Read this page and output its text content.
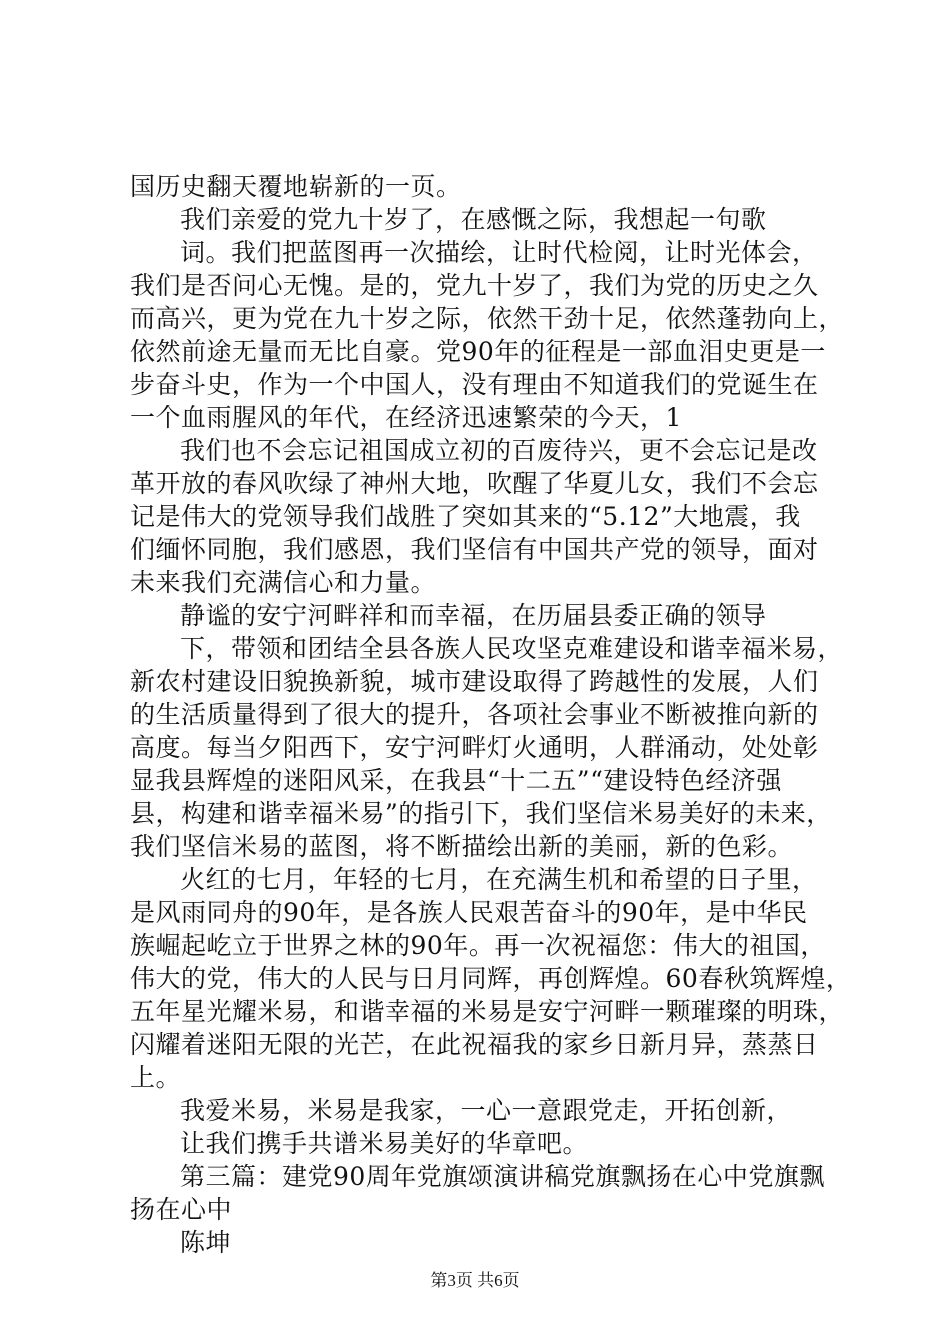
国历史翻天覆地崭新的一页。
我们亲爱的党九十岁了，在感慨之际，我想起一句歌
词。我们把蓝图再一次描绘，让时代检阅，让时光体会，
我们是否问心无愧。是的，党九十岁了，我们为党的历史之久
而高兴，更为党在九十岁之际，依然干劲十足，依然蓬勃向上，
依然前途无量而无比自豪。党90年的征程是一部血泪史更是一
步奋斗史，作为一个中国人，没有理由不知道我们的党诞生在
一个血雨腥风的年代，在经济迅速繁荣的今天，1
我们也不会忘记祖国成立初的百废待兴，更不会忘记是改
革开放的春风吹绿了神州大地，吹醒了华夏儿女，我们不会忘
记是伟大的党领导我们战胜了突如其来的“5.12”大地震，我
们缅怀同胞，我们感恩，我们坚信有中国共产党的领导，面对
未来我们充满信心和力量。
静谧的安宁河畔祥和而幸福，在历届县委正确的领导
下，带领和团结全县各族人民攻坚克难建设和谐幸福米易，
新农村建设旧貌换新貌，城市建设取得了跨越性的发展，人们
的生活质量得到了很大的提升，各项社会事业不断被推向新的
高度。每当夕阳西下，安宁河畔灯火通明，人群涌动，处处彰
显我县辉煌的迷阳风采，在我县“十二五”“建设特色经济强
县，构建和谐幸福米易”的指引下，我们坚信米易美好的未来，
我们坚信米易的蓝图，将不断描绘出新的美丽，新的色彩。
火红的七月，年轻的七月，在充满生机和希望的日子里，
是风雨同舟的90年，是各族人民艰苦奋斗的90年，是中华民
族崛起屹立于世界之林的90年。再一次祝福您：伟大的祖国，
伟大的党，伟大的人民与日月同辉，再创辉煌。60春秋筑辉煌，
五年星光耀米易，和谐幸福的米易是安宁河畔一颗璀璨的明珠，
闪耀着迷阳无限的光芒，在此祝福我的家乡日新月异，蒸蒸日
上。
我爱米易，米易是我家，一心一意跟党走，开拓创新，
让我们携手共谱米易美好的华章吧。
第三篇：建党90周年党旗颂演讲稿党旗飘扬在心中党旗飘
扬在心中
陈坤
第3页 共6页
